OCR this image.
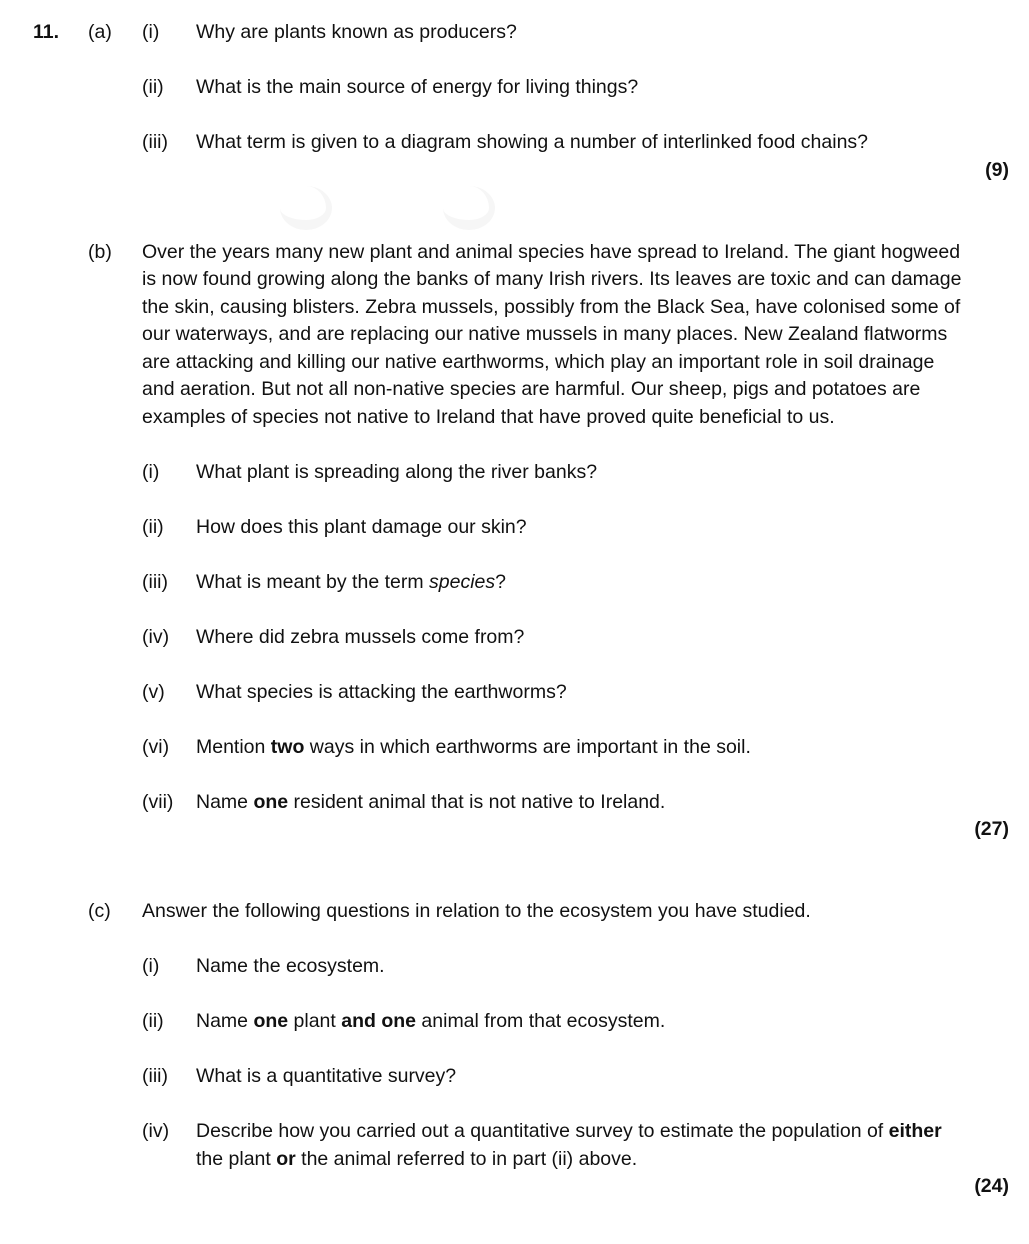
11. (a) (i) Why are plants known as producers?
(ii) What is the main source of energy for living things?
(iii) What term is given to a diagram showing a number of interlinked food chains?
(9)
(b) Over the years many new plant and animal species have spread to Ireland. The giant hogweed
is now found growing along the banks of many Irish rivers. Its leaves are toxic and can damage
the skin, causing blisters. Zebra mussels, possibly from the Black Sea, have colonised some of
our waterways, and are replacing our native mussels in many places. New Zealand flatworms
are attacking and killing our native earthworms, which play an important role in soil drainage
and aeration. But not all non-native species are harmful. Our sheep, pigs and potatoes are
examples of species not native to Ireland that have proved quite beneficial to us.
(i) What plant is spreading along the river banks?
(ii) How does this plant damage our skin?
(iii) What is meant by the term species?
(iv) Where did zebra mussels come from?
(v) What species is attacking the earthworms?
(vi) Mention two ways in which earthworms are important in the soil.
(vii) Name one resident animal that is not native to Ireland.
(27)
(c) Answer the following questions in relation to the ecosystem you have studied.
(i) Name the ecosystem.
(ii) Name one plant and one animal from that ecosystem.
(iii) What is a quantitative survey?
(iv) Describe how you carried out a quantitative survey to estimate the population of either
the plant or the animal referred to in part (ii) above.
(24)
